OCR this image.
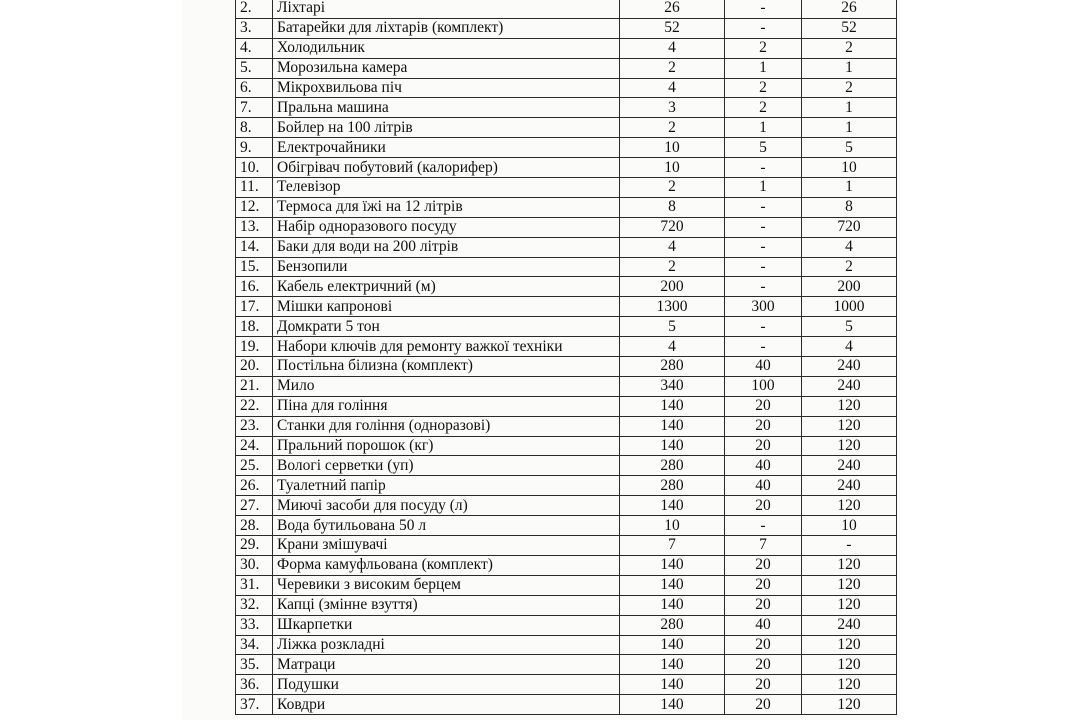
2.	Ліхтарі	26	-	26
3.	Батарейки для ліхтарів (комплект)	52	-	52
4.	Холодильник	4	2	2
5.	Морозильна камера	2	1	1
6.	Мікрохвильова піч	4	2	2
7.	Пральна машина	3	2	1
8.	Бойлер на 100 літрів	2	1	1
9.	Електрочайники	10	5	5
10.	Обігрівач побутовий (калорифер)	10	-	10
11.	Телевізор	2	1	1
12.	Термоса для їжі на 12 літрів	8	-	8
13.	Набір одноразового посуду	720	-	720
14.	Баки для води на 200 літрів	4	-	4
15.	Бензопили	2	-	2
16.	Кабель електричний (м)	200	-	200
17.	Мішки капронові	1300	300	1000
18.	Домкрати 5 тон	5	-	5
19.	Набори ключів для ремонту важкої техніки	4	-	4
20.	Постільна білизна (комплект)	280	40	240
21.	Мило	340	100	240
22.	Піна для гоління	140	20	120
23.	Станки для гоління (одноразові)	140	20	120
24.	Пральний порошок (кг)	140	20	120
25.	Вологі серветки (уп)	280	40	240
26.	Туалетний папір	280	40	240
27.	Миючі засоби для посуду (л)	140	20	120
28.	Вода бутильована 50 л	10	-	10
29.	Крани змішувачі	7	7	-
30.	Форма камуфльована (комплект)	140	20	120
31.	Черевики з високим берцем	140	20	120
32.	Капці (змінне взуття)	140	20	120
33.	Шкарпетки	280	40	240
34.	Ліжка розкладні	140	20	120
35.	Матраци	140	20	120
36.	Подушки	140	20	120
37.	Ковдри	140	20	120
